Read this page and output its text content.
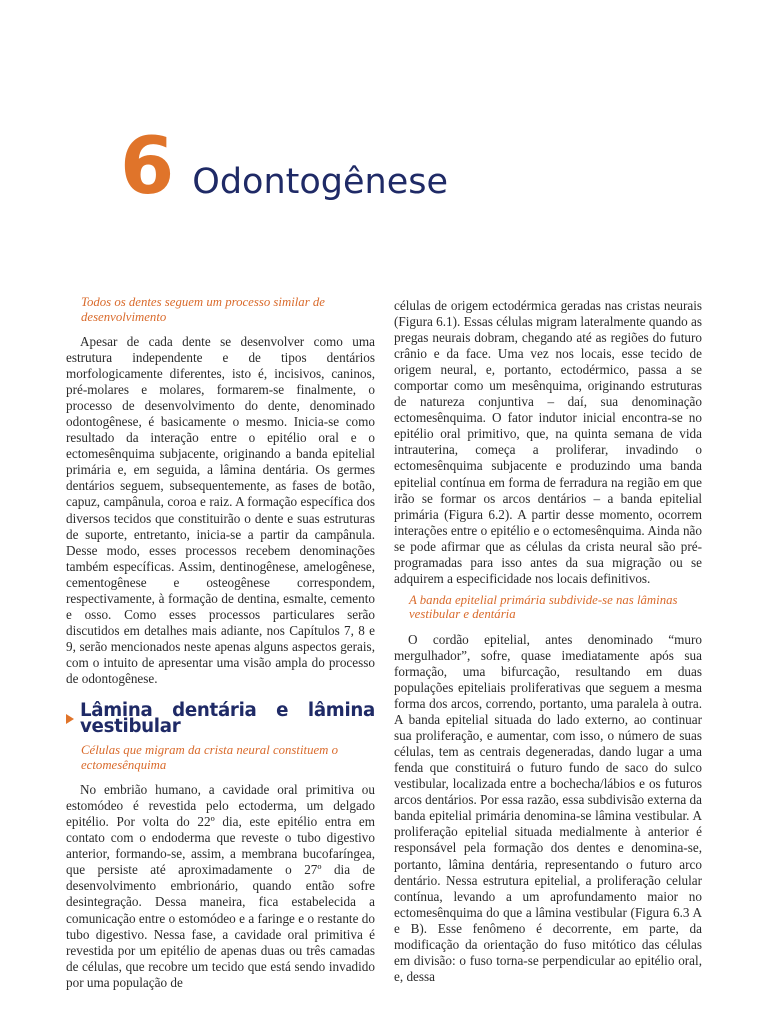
6 Odontogênese

Todos os dentes seguem um processo similar de desenvolvimento

Apesar de cada dente se desenvolver como uma estrutura independente e de tipos dentários morfologicamente diferentes, isto é, incisivos, caninos, pré-molares e molares, formarem-se finalmente, o processo de desenvolvimento do dente, denominado odontogênese, é basicamente o mesmo. Inicia-se como resultado da interação entre o epitélio oral e o ectomesênquima subjacente, originando a banda epitelial primária e, em seguida, a lâmina dentária. Os germes dentários seguem, subsequentemente, as fases de botão, capuz, campânula, coroa e raiz. A formação específica dos diversos tecidos que constituirão o dente e suas estruturas de suporte, entretanto, inicia-se a partir da campânula. Desse modo, esses processos recebem denominações também específicas. Assim, dentinogênese, amelogênese, cementogênese e osteogênese correspondem, respectivamente, à formação de dentina, esmalte, cemento e osso. Como esses processos particulares serão discutidos em detalhes mais adiante, nos Capítulos 7, 8 e 9, serão mencionados neste apenas alguns aspectos gerais, com o intuito de apresentar uma visão ampla do processo de odontogênese.

Lâmina dentária e lâmina vestibular

Células que migram da crista neural constituem o ectomesênquima

No embrião humano, a cavidade oral primitiva ou estomódeo é revestida pelo ectoderma, um delgado epitélio. Por volta do 22º dia, este epitélio entra em contato com o endoderma que reveste o tubo digestivo anterior, formando-se, assim, a membrana bucofaríngea, que persiste até aproximadamente o 27º dia de desenvolvimento embrionário, quando então sofre desintegração. Dessa maneira, fica estabelecida a comunicação entre o estomódeo e a faringe e o restante do tubo digestivo. Nessa fase, a cavidade oral primitiva é revestida por um epitélio de apenas duas ou três camadas de células, que recobre um tecido que está sendo invadido por uma população de

células de origem ectodérmica geradas nas cristas neurais (Figura 6.1). Essas células migram lateralmente quando as pregas neurais dobram, chegando até as regiões do futuro crânio e da face. Uma vez nos locais, esse tecido de origem neural, e, portanto, ectodérmico, passa a se comportar como um mesênquima, originando estruturas de natureza conjuntiva – daí, sua denominação ectomesênquima. O fator indutor inicial encontra-se no epitélio oral primitivo, que, na quinta semana de vida intrauterina, começa a proliferar, invadindo o ectomesênquima subjacente e produzindo uma banda epitelial contínua em forma de ferradura na região em que irão se formar os arcos dentários – a banda epitelial primária (Figura 6.2). A partir desse momento, ocorrem interações entre o epitélio e o ectomesênquima. Ainda não se pode afirmar que as células da crista neural são pré-programadas para isso antes da sua migração ou se adquirem a especificidade nos locais definitivos.

A banda epitelial primária subdivide-se nas lâminas vestibular e dentária

O cordão epitelial, antes denominado “muro mergulhador”, sofre, quase imediatamente após sua formação, uma bifurcação, resultando em duas populações epiteliais proliferativas que seguem a mesma forma dos arcos, correndo, portanto, uma paralela à outra. A banda epitelial situada do lado externo, ao continuar sua proliferação, e aumentar, com isso, o número de suas células, tem as centrais degeneradas, dando lugar a uma fenda que constituirá o futuro fundo de saco do sulco vestibular, localizada entre a bochecha/lábios e os futuros arcos dentários. Por essa razão, essa subdivisão externa da banda epitelial primária denomina-se lâmina vestibular. A proliferação epitelial situada medialmente à anterior é responsável pela formação dos dentes e denomina-se, portanto, lâmina dentária, representando o futuro arco dentário. Nessa estrutura epitelial, a proliferação celular contínua, levando a um aprofundamento maior no ectomesênquima do que a lâmina vestibular (Figura 6.3 A e B). Esse fenômeno é decorrente, em parte, da modificação da orientação do fuso mitótico das células em divisão: o fuso torna-se perpendicular ao epitélio oral, e, dessa
